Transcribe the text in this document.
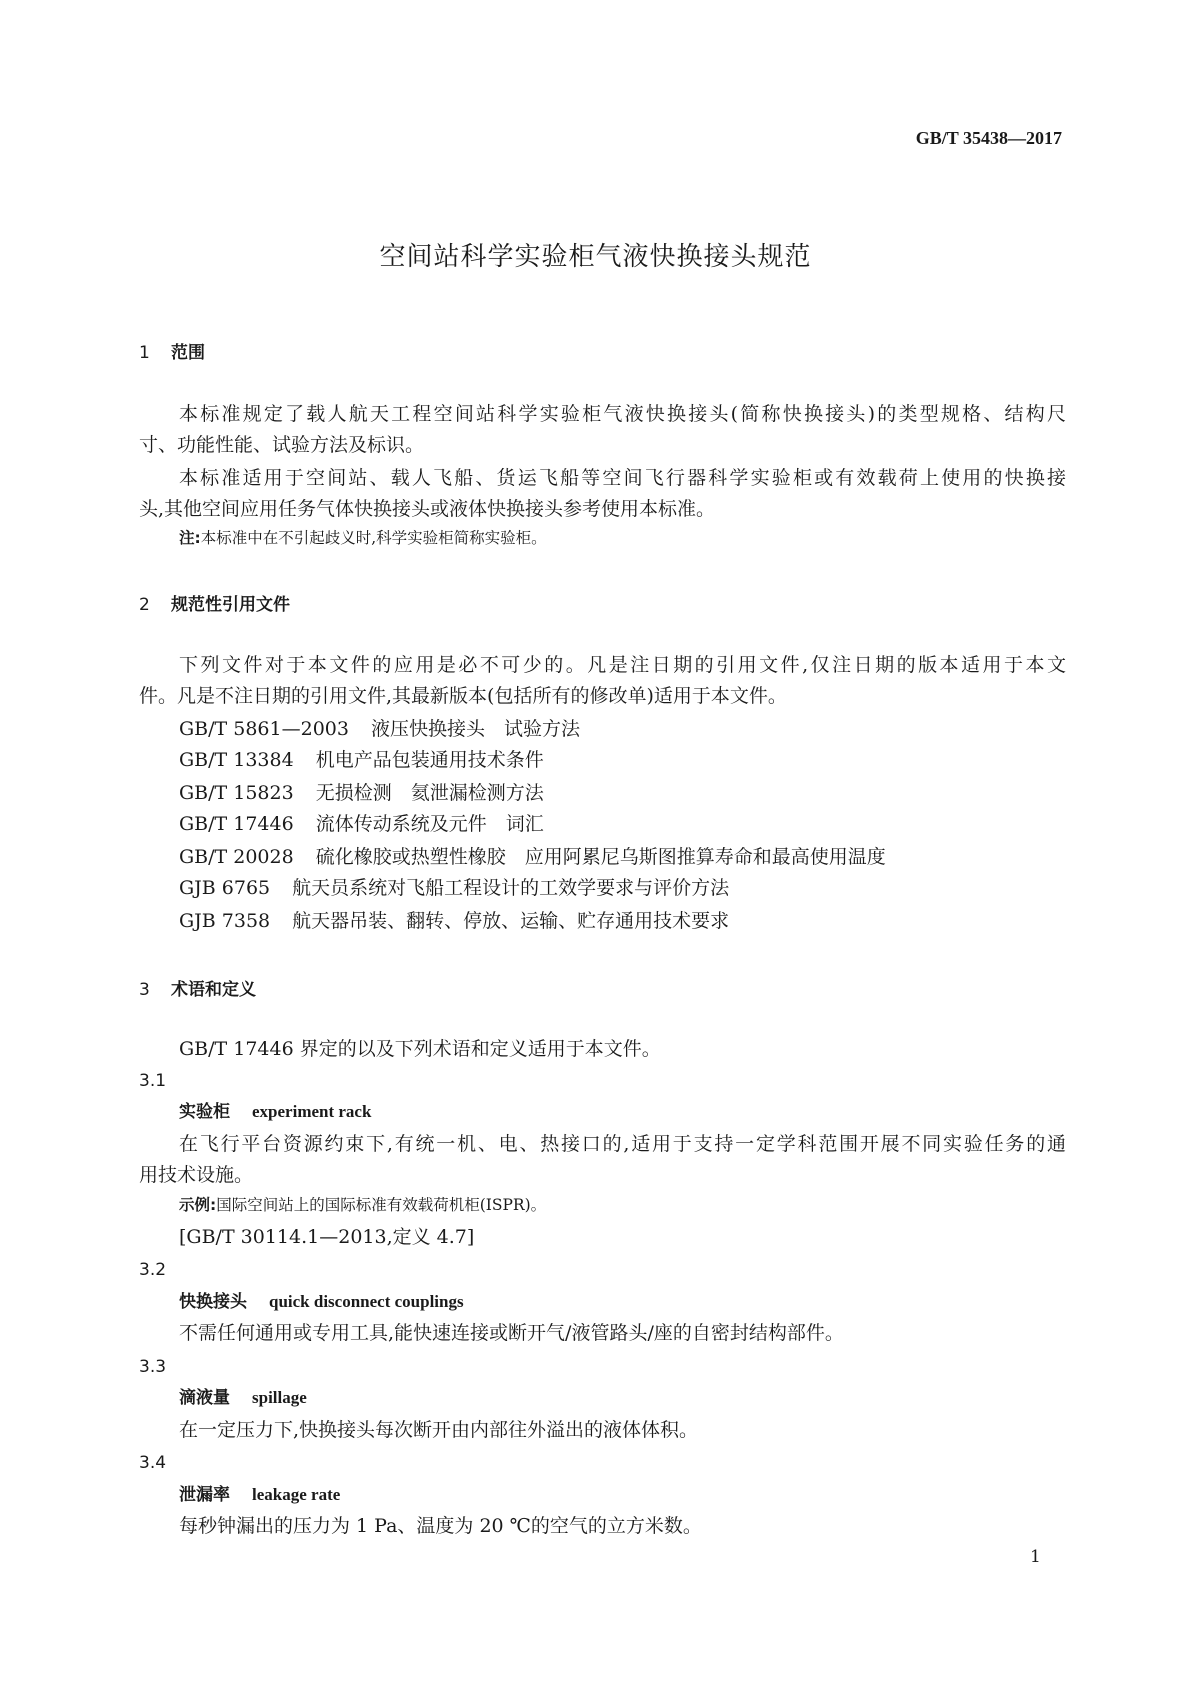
GB/T 35438—2017
空间站科学实验柜气液快换接头规范
1 范围
本标准规定了载人航天工程空间站科学实验柜气液快换接头(简称快换接头)的类型规格、结构尺
寸、功能性能、试验方法及标识。
本标准适用于空间站、载人飞船、货运飞船等空间飞行器科学实验柜或有效载荷上使用的快换接
头,其他空间应用任务气体快换接头或液体快换接头参考使用本标准。
注:本标准中在不引起歧义时,科学实验柜简称实验柜。
2 规范性引用文件
下列文件对于本文件的应用是必不可少的。凡是注日期的引用文件,仅注日期的版本适用于本文
件。凡是不注日期的引用文件,其最新版本(包括所有的修改单)适用于本文件。
GB/T 5861—2003 液压快换接头　试验方法
GB/T 13384 机电产品包装通用技术条件
GB/T 15823 无损检测　氦泄漏检测方法
GB/T 17446 流体传动系统及元件　词汇
GB/T 20028 硫化橡胶或热塑性橡胶　应用阿累尼乌斯图推算寿命和最高使用温度
GJB 6765 航天员系统对飞船工程设计的工效学要求与评价方法
GJB 7358 航天器吊装、翻转、停放、运输、贮存通用技术要求
3 术语和定义
GB/T 17446 界定的以及下列术语和定义适用于本文件。
3.1
实验柜 experiment rack
在飞行平台资源约束下,有统一机、电、热接口的,适用于支持一定学科范围开展不同实验任务的通
用技术设施。
示例:国际空间站上的国际标准有效载荷机柜(ISPR)。
[GB/T 30114.1—2013,定义 4.7]
3.2
快换接头 quick disconnect couplings
不需任何通用或专用工具,能快速连接或断开气/液管路头/座的自密封结构部件。
3.3
滴液量 spillage
在一定压力下,快换接头每次断开由内部往外溢出的液体体积。
3.4
泄漏率 leakage rate
每秒钟漏出的压力为 1 Pa、温度为 20 ℃的空气的立方米数。
1
